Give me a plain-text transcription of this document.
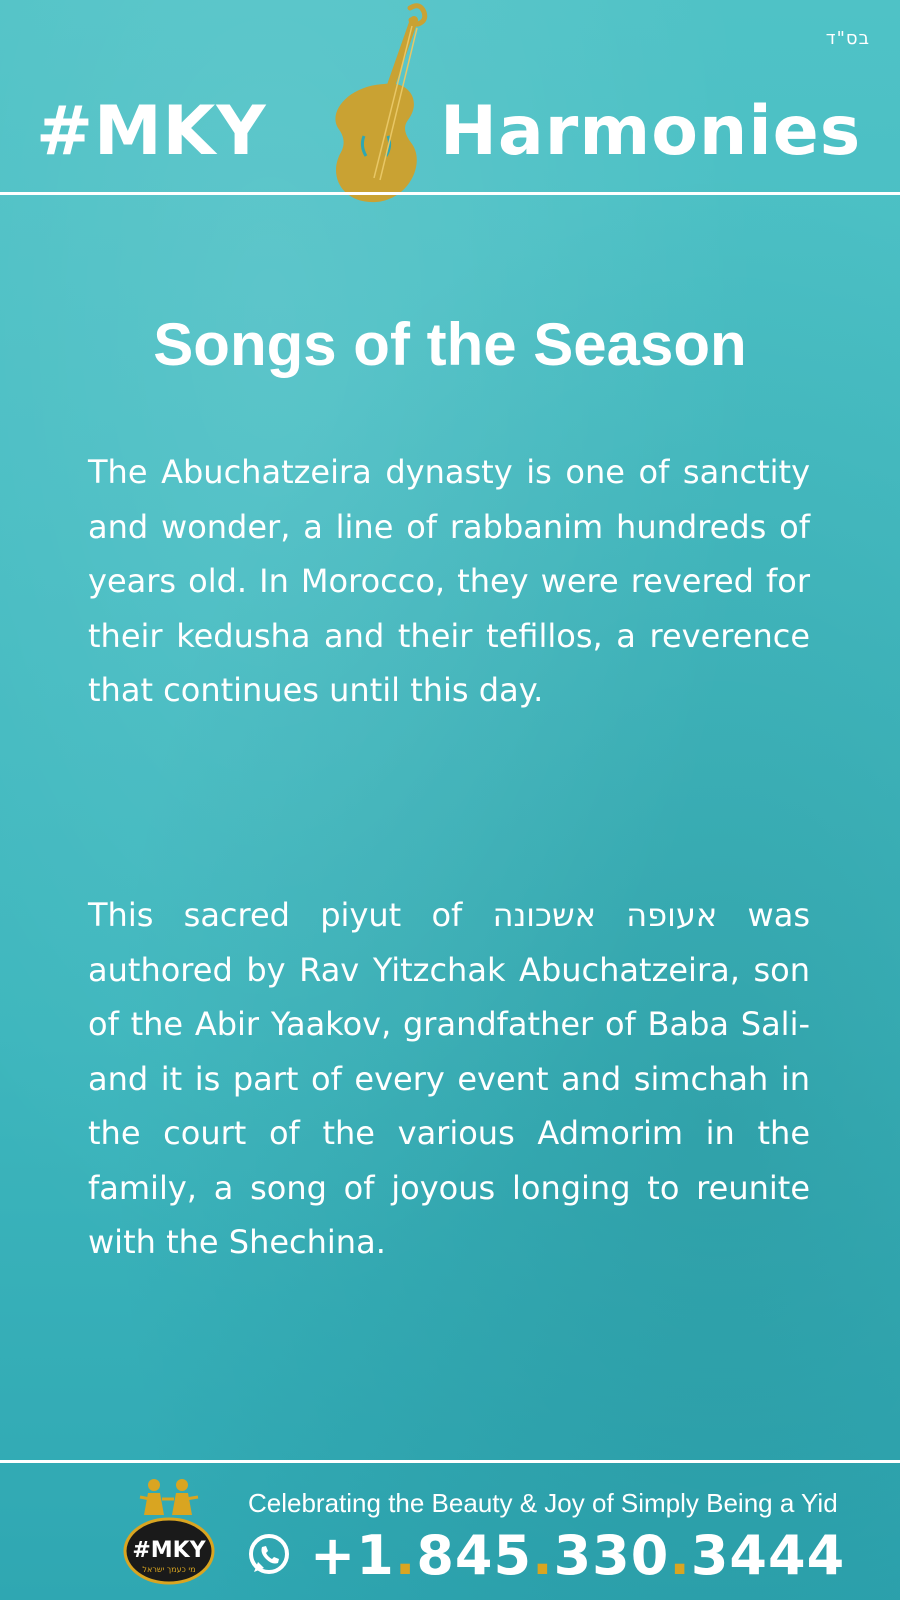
בס"ד
#MKY	Harmonies
Songs of the Season
The Abuchatzeira dynasty is one of sanctity and wonder, a line of rabbanim hundreds of years old. In Morocco, they were revered for their kedusha and their tefillos, a reverence that continues until this day.
This sacred piyut of אעופה אשכונה was authored by Rav Yitzchak Abuchatzeira, son of the Abir Yaakov, grandfather of Baba Sali- and it is part of every event and simchah in the court of the various Admorim in the family, a song of joyous longing to reunite with the Shechina.
#MKY
מי כעמך ישראל
Celebrating the Beauty & Joy of Simply Being a Yid
+1.845.330.3444
